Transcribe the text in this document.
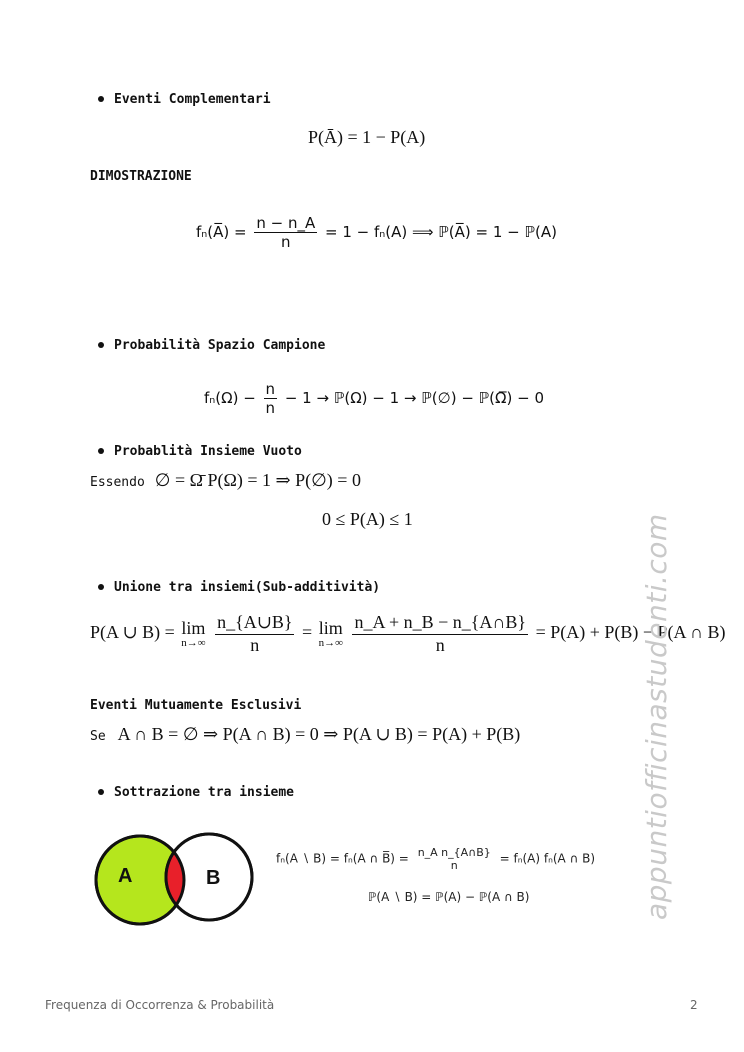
Eventi Complementari
P(Ā) = 1 − P(A)
DIMOSTRAZIONE
fₙ(A̅) = $\frac{n - n\_A}{n} = 1 - f_n(A)$ ⟹ ℙ(A̅) = 1 − ℙ(A)
Probabilità Spazio Campione
$f_n(\Omega) - \frac{n}{n} - 1$ → ℙ(Ω) − 1 → ℙ(∅) − ℙ(Ω̅) − 0
Probablità Insieme Vuoto
Essendo ∅ = Ω̄ P(Ω) = 1 ⇒ P(∅) = 0
0 ≤ P(A) ≤ 1
Unione tra insiemi(Sub-additività)
P(A ∪ B) = lim
n→∞
$\frac{n\_\{A\cup B\}}{n} = \lim$
n→∞
$\frac{n\_A + n\_B - n\_\{A\cap B\}}{n} = P(A) + P(B) - P(A$ ∩ B)
Eventi Mutuamente Esclusivi
Se A ∩ B = ∅ ⇒ P(A ∩ B) = 0 ⇒ P(A ∪ B) = P(A) + P(B)
Sottrazione tra insieme
A	B
fₙ(A ∖ B) = fₙ(A ∩ B̅) = n_A n_{A∩B}
n	= fₙ(A) fₙ(A ∩ B)
ℙ(A ∖ B) = ℙ(A) − ℙ(A ∩ B)	appuntiofficinastudenti.com
Frequenza di Occorrenza & Probabilità	2
